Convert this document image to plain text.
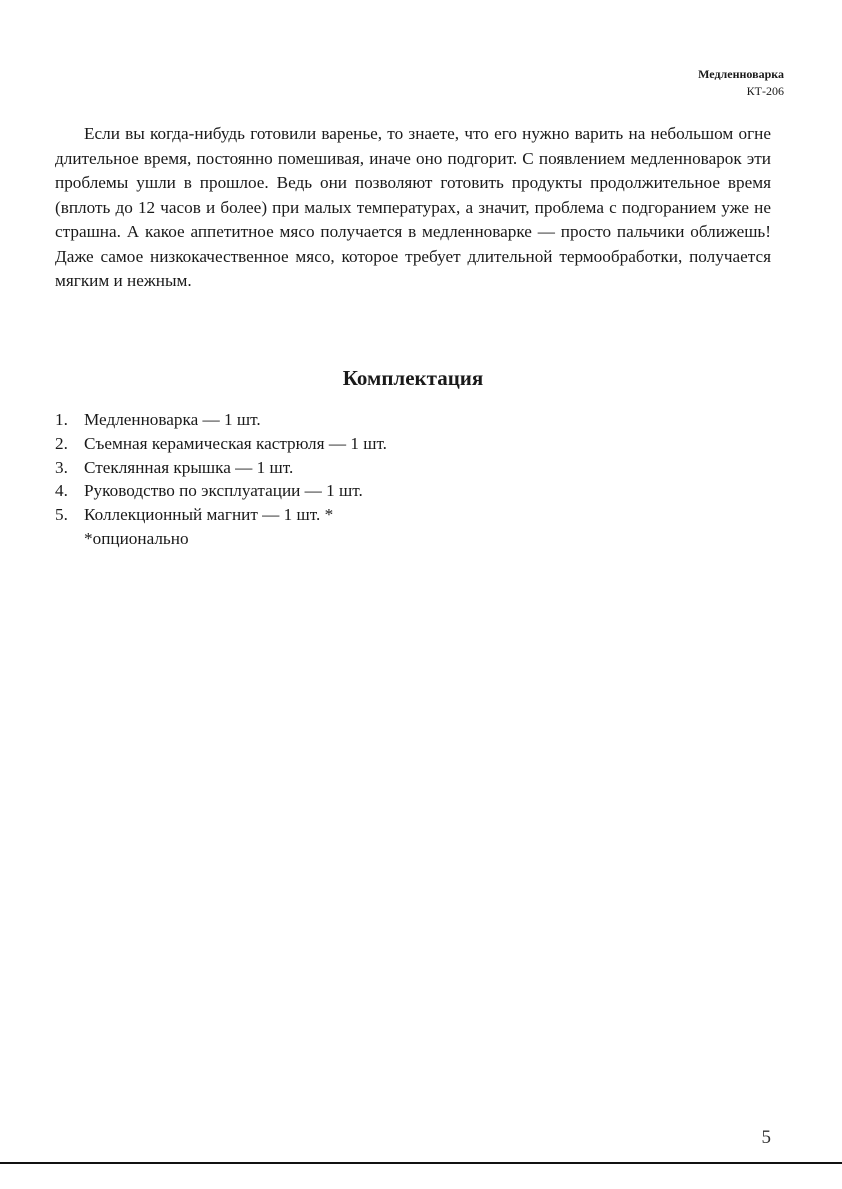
Медленноварка
КТ-206

Если вы когда-нибудь готовили варенье, то знаете, что его нужно варить на небольшом огне длительное время, постоянно помешивая, иначе оно подгорит. С появлением медленноварок эти проблемы ушли в прошлое. Ведь они позволяют готовить продукты продолжительное время (вплоть до 12 часов и более) при малых температурах, а значит, проблема с подгоранием уже не страшна. А какое аппетитное мясо получается в медленноварке — просто пальчики оближешь! Даже самое низкокачественное мясо, которое требует длительной термообработки, получается мягким и нежным.

Комплектация
1. Медленноварка — 1 шт.
2. Съемная керамическая кастрюля — 1 шт.
3. Стеклянная крышка — 1 шт.
4. Руководство по эксплуатации — 1 шт.
5. Коллекционный магнит — 1 шт. *
*опционально
5
